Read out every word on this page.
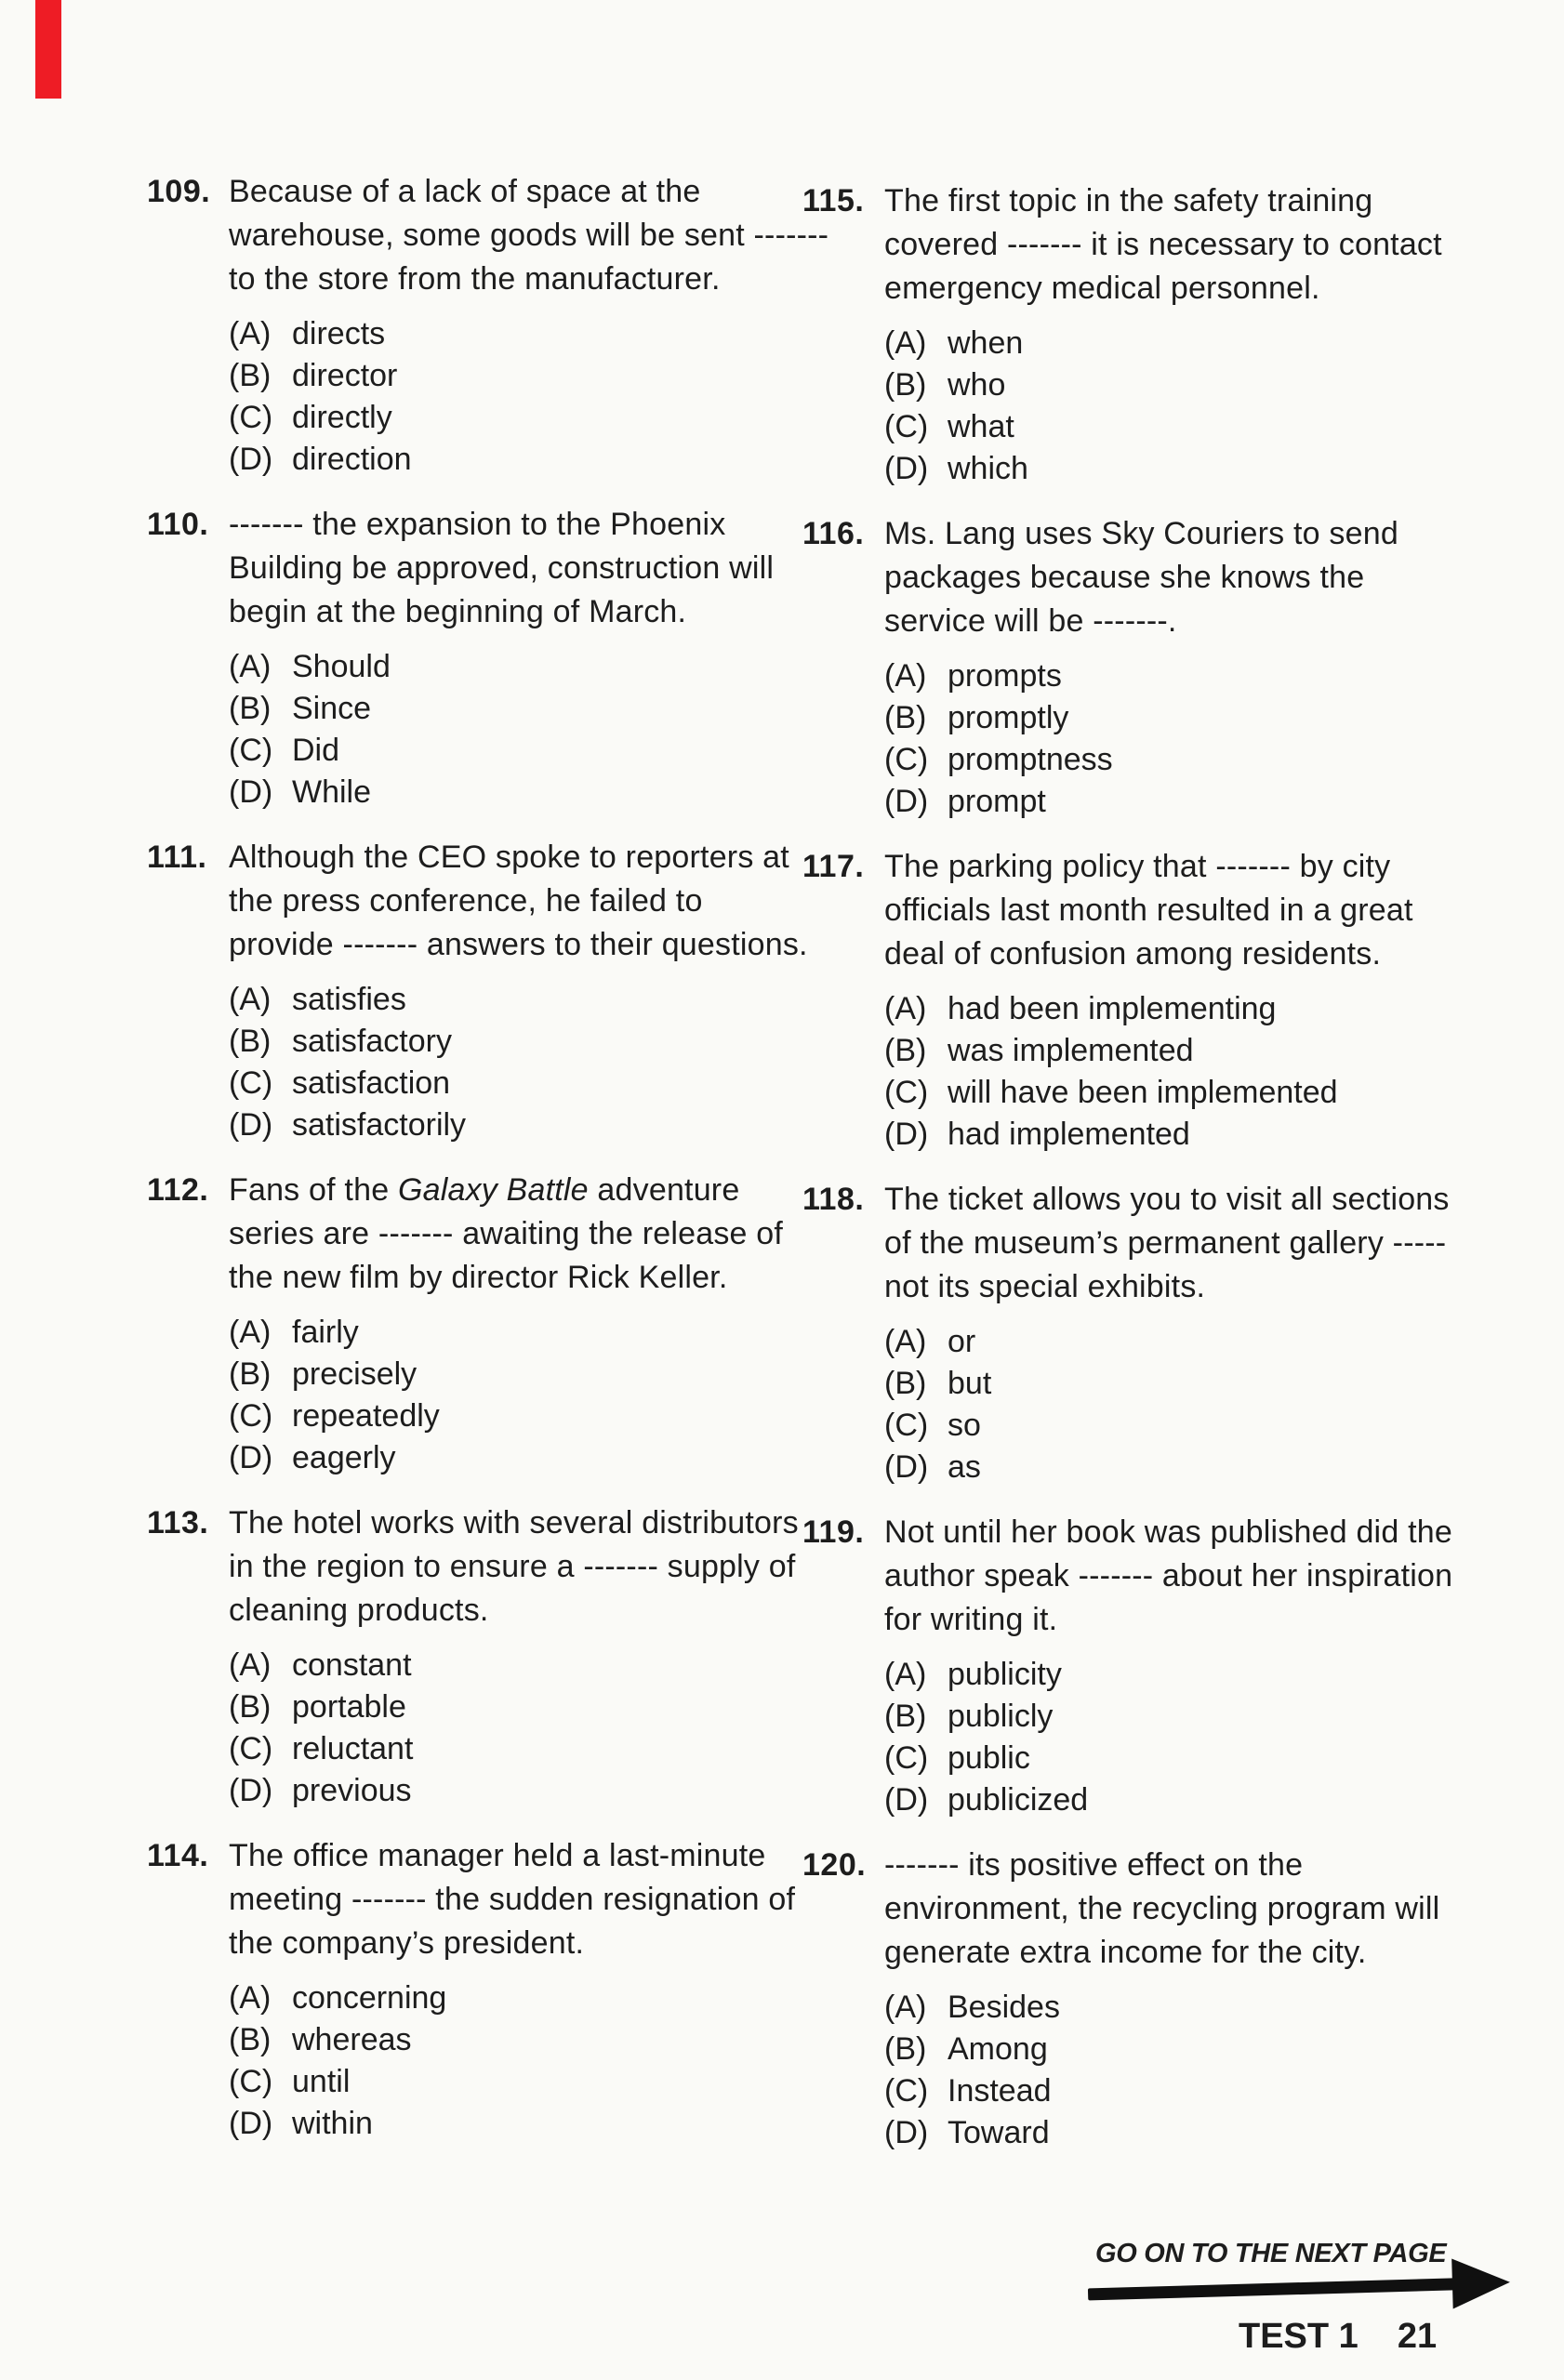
109. Because of a lack of space at the
warehouse, some goods will be sent -------
to the store from the manufacturer.
(A) directs
(B) director
(C) directly
(D) direction
110. ------- the expansion to the Phoenix
Building be approved, construction will
begin at the beginning of March.
(A) Should
(B) Since
(C) Did
(D) While
111. Although the CEO spoke to reporters at
the press conference, he failed to
provide ------- answers to their questions.
(A) satisfies
(B) satisfactory
(C) satisfaction
(D) satisfactorily
112. Fans of the Galaxy Battle adventure
series are ------- awaiting the release of
the new film by director Rick Keller.
(A) fairly
(B) precisely
(C) repeatedly
(D) eagerly
113. The hotel works with several distributors
in the region to ensure a ------- supply of
cleaning products.
(A) constant
(B) portable
(C) reluctant
(D) previous
114. The office manager held a last-minute
meeting ------- the sudden resignation of
the company’s president.
(A) concerning
(B) whereas
(C) until
(D) within
115. The first topic in the safety training
covered ------- it is necessary to contact
emergency medical personnel.
(A) when
(B) who
(C) what
(D) which
116. Ms. Lang uses Sky Couriers to send
packages because she knows the
service will be -------.
(A) prompts
(B) promptly
(C) promptness
(D) prompt
117. The parking policy that ------- by city
officials last month resulted in a great
deal of confusion among residents.
(A) had been implementing
(B) was implemented
(C) will have been implemented
(D) had implemented
118. The ticket allows you to visit all sections
of the museum’s permanent gallery -----
not its special exhibits.
(A) or
(B) but
(C) so
(D) as
119. Not until her book was published did the
author speak ------- about her inspiration
for writing it.
(A) publicity
(B) publicly
(C) public
(D) publicized
120. ------- its positive effect on the
environment, the recycling program will
generate extra income for the city.
(A) Besides
(B) Among
(C) Instead
(D) Toward
GO ON TO THE NEXT PAGE
TEST 1 21
